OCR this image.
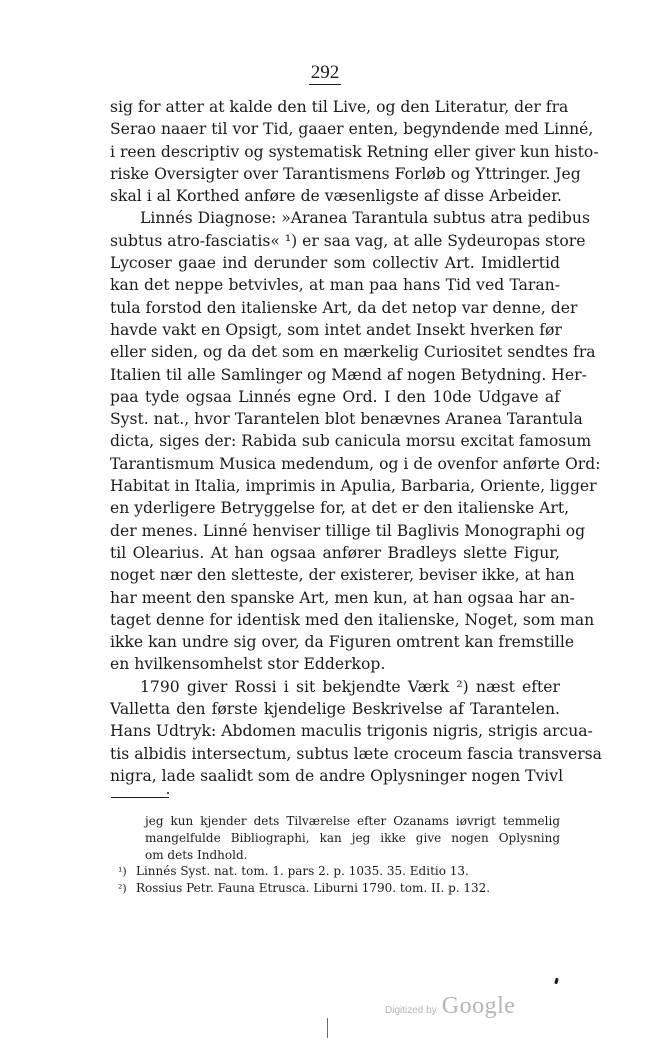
292
sig for atter at kalde den til Live, og den Literatur, der fra
Serao naaer til vor Tid, gaaer enten, begyndende med Linné,
i reen descriptiv og systematisk Retning eller giver kun histo-
riske Oversigter over Tarantismens Forløb og Yttringer. Jeg
skal i al Korthed anføre de væsenligste af disse Arbeider.
Linnés Diagnose: »Aranea Tarantula subtus atra pedibus
subtus atro-fasciatis« ¹) er saa vag, at alle Sydeuropas store
Lycoser gaae ind derunder som collectiv Art. Imidlertid
kan det neppe betvivles, at man paa hans Tid ved Taran-
tula forstod den italienske Art, da det netop var denne, der
havde vakt en Opsigt, som intet andet Insekt hverken før
eller siden, og da det som en mærkelig Curiositet sendtes fra
Italien til alle Samlinger og Mænd af nogen Betydning. Her-
paa tyde ogsaa Linnés egne Ord. I den 10de Udgave af
Syst. nat., hvor Tarantelen blot benævnes Aranea Tarantula
dicta, siges der: Rabida sub canicula morsu excitat famosum
Tarantismum Musica medendum, og i de ovenfor anførte Ord:
Habitat in Italia, imprimis in Apulia, Barbaria, Oriente, ligger
en yderligere Betryggelse for, at det er den italienske Art,
der menes. Linné henviser tillige til Baglivis Monographi og
til Olearius. At han ogsaa anfører Bradleys slette Figur,
noget nær den sletteste, der existerer, beviser ikke, at han
har meent den spanske Art, men kun, at han ogsaa har an-
taget denne for identisk med den italienske, Noget, som man
ikke kan undre sig over, da Figuren omtrent kan fremstille
en hvilkensomhelst stor Edderkop.
1790 giver Rossi i sit bekjendte Værk ²) næst efter
Valletta den første kjendelige Beskrivelse af Tarantelen.
Hans Udtryk: Abdomen maculis trigonis nigris, strigis arcua-
tis albidis intersectum, subtus læte croceum fascia transversa
nigra, lade saalidt som de andre Oplysninger nogen Tvivl
jeg kun kjender dets Tilværelse efter Ozanams iøvrigt temmelig
mangelfulde Bibliographi, kan jeg ikke give nogen Oplysning
om dets Indhold.
¹) Linnés Syst. nat. tom. 1. pars 2. p. 1035. 35. Editio 13.
²) Rossius Petr. Fauna Etrusca. Liburni 1790. tom. II. p. 132.
Digitized by Google
